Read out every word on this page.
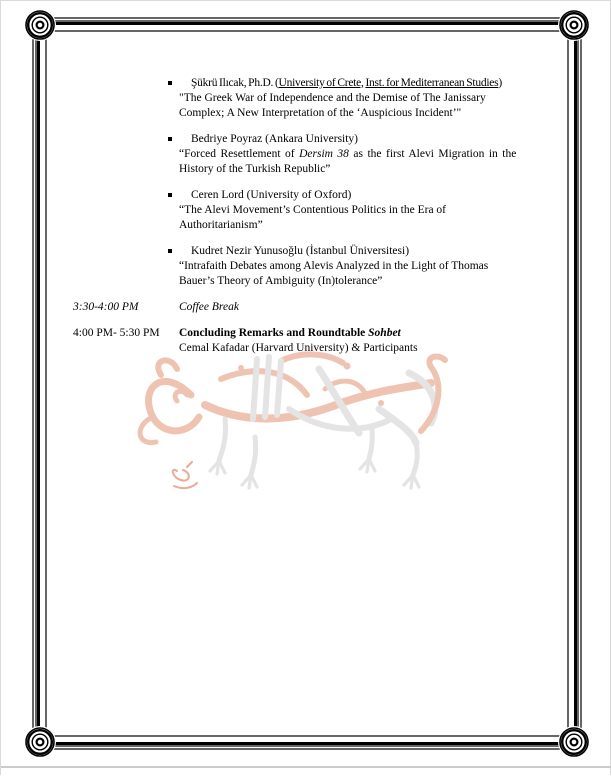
Şükrü Ilıcak, Ph.D. (University of Crete, Inst. for Mediterranean Studies)
"The Greek War of Independence and the Demise of The Janissary
Complex; A New Interpretation of the ‘Auspicious Incident’"
Bedriye Poyraz (Ankara University)
“Forced Resettlement of Dersim 38 as the first Alevi Migration in the
History of the Turkish Republic”
Ceren Lord (University of Oxford)
“The Alevi Movement’s Contentious Politics in the Era of
Authoritarianism”
Kudret Nezir Yunusoğlu (İstanbul Üniversitesi)
“Intrafaith Debates among Alevis Analyzed in the Light of Thomas
Bauer’s Theory of Ambiguity (In)tolerance”
3:30-4:00 PM	Coffee Break
4:00 PM- 5:30 PM Concluding Remarks and Roundtable Sohbet
Cemal Kafadar (Harvard University) & Participants
